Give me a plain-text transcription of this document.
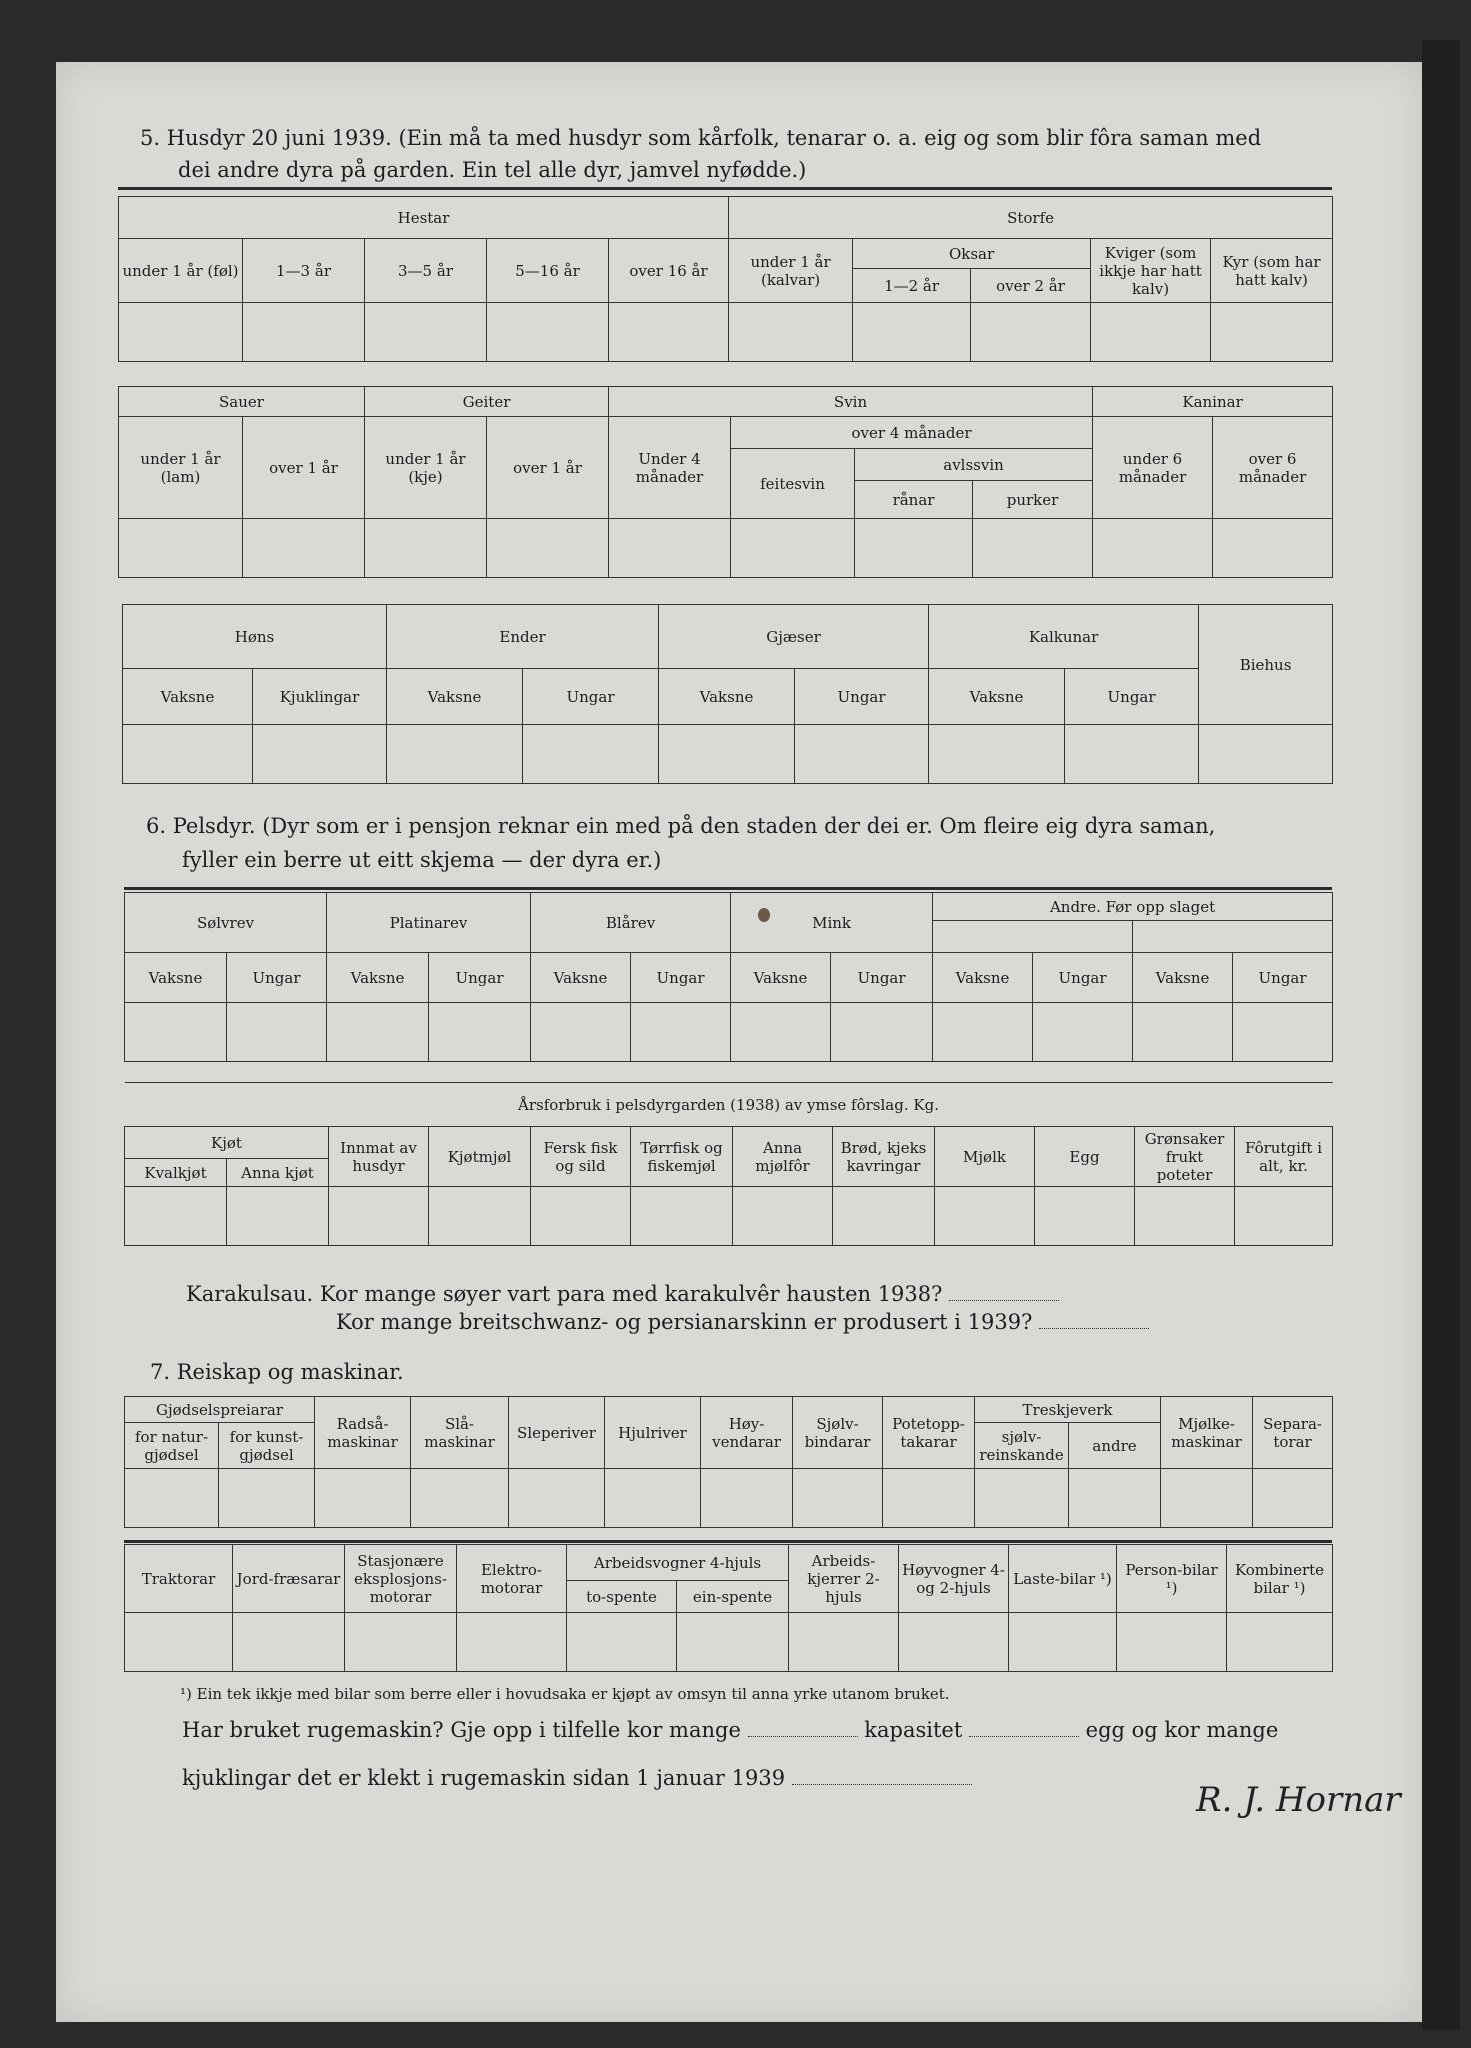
5. Husdyr 20 juni 1939. (Ein må ta med husdyr som kårfolk, tenarar o. a. eig og som blir fôra saman med
dei andre dyra på garden. Ein tel alle dyr, jamvel nyfødde.)
Hestar					Storfe				
under 1 år (føl)	1—3 år	3—5 år	5—16 år	over 16 år	under 1 år (kalvar)	Oksar		Kviger (som ikkje har hatt kalv)	Kyr (som har hatt kalv)
						1—2 år	over 2 år		

Sauer		Geiter		Svin				Kaninar	
under 1 år (lam)	over 1 år	under 1 år (kje)	over 1 år	Under 4 månader	over 4 månader			under 6 månader	over 6 månader
					feitesvin	avlssvin			
						rånar	purker		

Høns		Ender		Gjæser		Kalkunar		Biehus
Vaksne	Kjuklingar	Vaksne	Ungar	Vaksne	Ungar	Vaksne	Ungar	

6. Pelsdyr. (Dyr som er i pensjon reknar ein med på den staden der dei er. Om fleire eig dyra saman,
fyller ein berre ut eitt skjema — der dyra er.)
Sølvrev		Platinarev		Blårev		Mink		Andre. Før opp slaget			

Vaksne	Ungar	Vaksne	Ungar	Vaksne	Ungar	Vaksne	Ungar	Vaksne	Ungar	Vaksne	Ungar

Årsforbruk i pelsdyrgarden (1938) av ymse fôrslag. Kg.											
Kjøt		Innmat av husdyr	Kjøtmjøl	Fersk fisk og sild	Tørrfisk og fiskemjøl	Anna mjølfôr	Brød, kjeks kavringar	Mjølk	Egg	Grønsaker frukt poteter	Fôrutgift i alt, kr.
Kvalkjøt	Anna kjøt										

Karakulsau. Kor mange søyer vart para med karakulvêr hausten 1938?
Kor mange breitschwanz- og persianarskinn er produsert i 1939?
7. Reiskap og maskinar.
Gjødselspreiarar		Radså-maskinar	Slå-maskinar	Sleperiver	Hjulriver	Høy-vendarar	Sjølv-bindarar	Potetopp-takarar	Treskjeverk		Mjølke-maskinar	Separa-torar
for natur-gjødsel	for kunst-gjødsel								sjølv-reinskande	andre		

Traktorar	Jord-fræsarar	Stasjonære eksplosjons-motorar	Elektro-motorar	Arbeidsvogner 4-hjuls		Arbeids-kjerrer 2-hjuls	Høyvogner 4- og 2-hjuls	Laste-bilar ¹)	Person-bilar ¹)	Kombinerte bilar ¹)
				to-spente	ein-spente					

¹) Ein tek ikkje med bilar som berre eller i hovudsaka er kjøpt av omsyn til anna yrke utanom bruket.
Har bruket rugemaskin? Gje opp i tilfelle kor mange	kapasitet	egg og kor mange
kjuklingar det er klekt i rugemaskin sidan 1 januar 1939
R. J. Hornar
